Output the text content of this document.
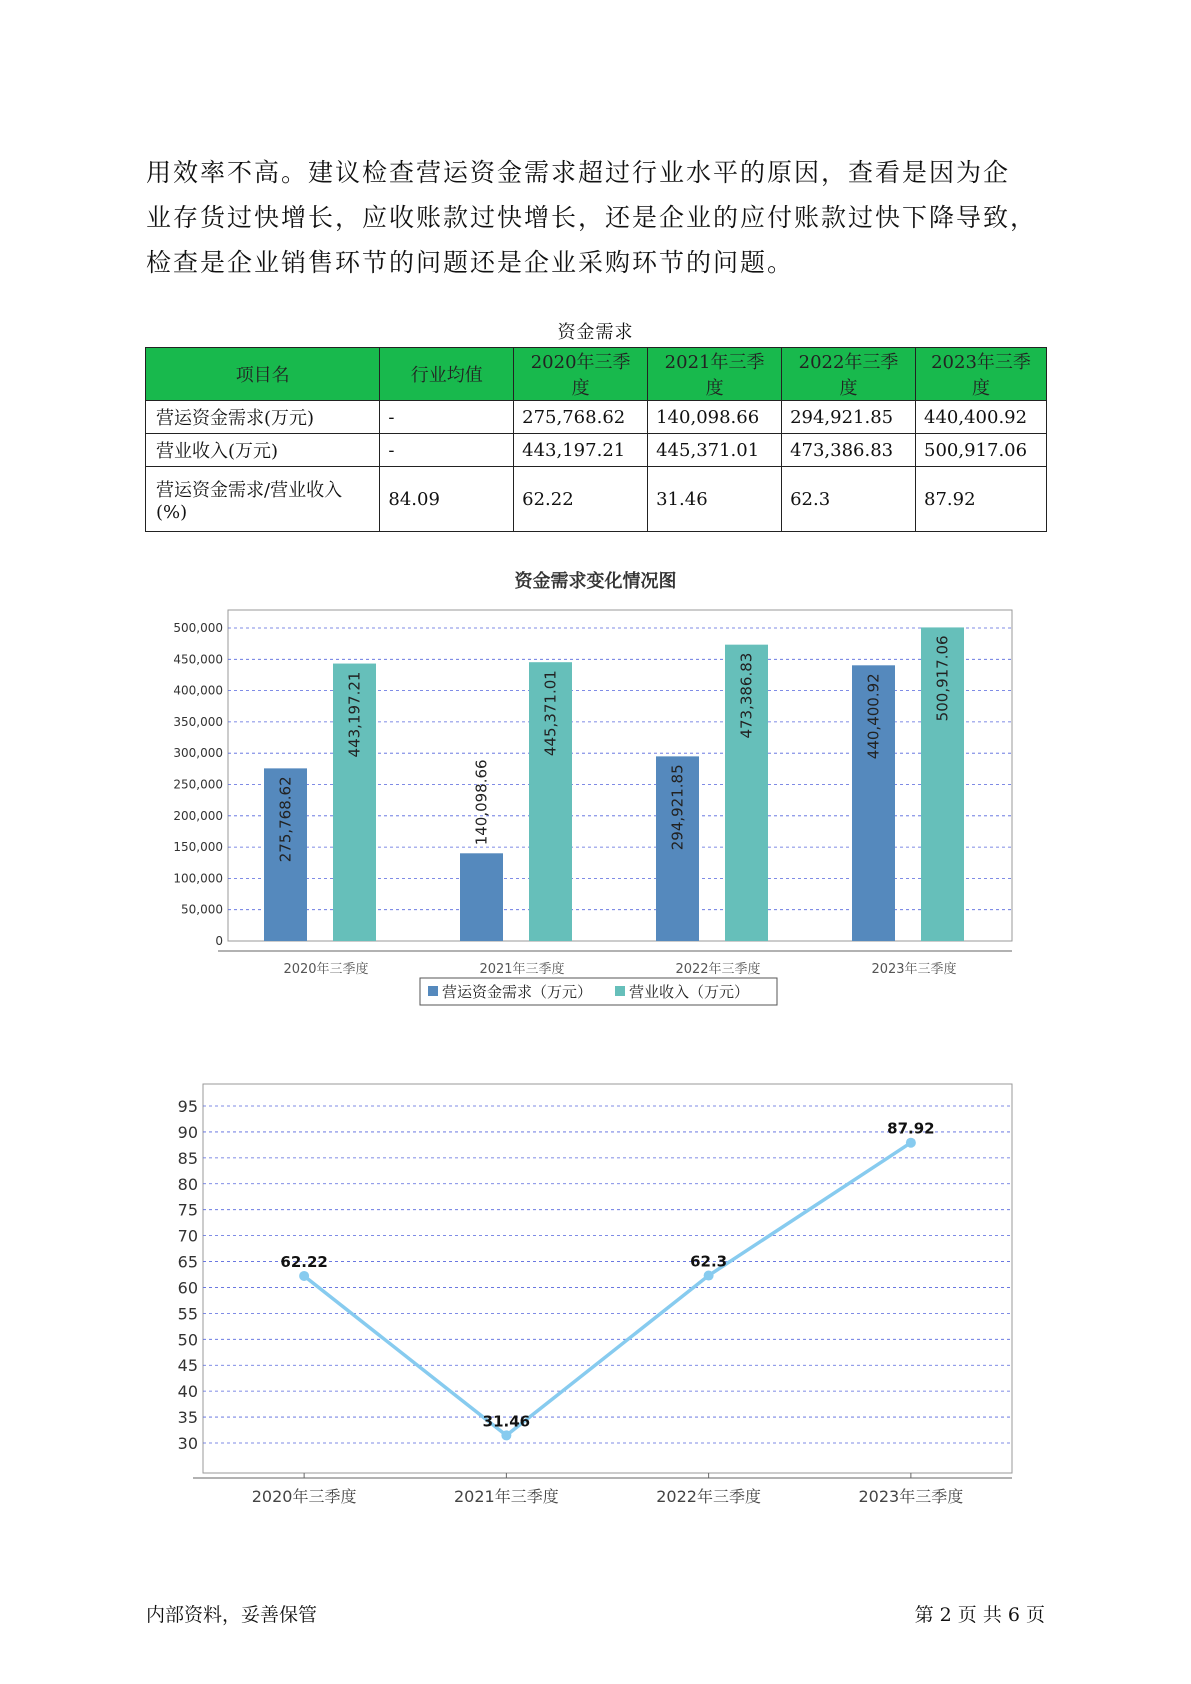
用效率不高。建议检查营运资金需求超过行业水平的原因，查看是因为企

业存货过快增长，应收账款过快增长，还是企业的应付账款过快下降导致，

检查是企业销售环节的问题还是企业采购环节的问题。

资金需求
项目名	行业均值	2020年三季度	2021年三季度	2022年三季度	2023年三季度
营运资金需求(万元)	-	275,768.62	140,098.66	294,921.85	440,400.92
营业收入(万元)	-	443,197.21	445,371.01	473,386.83	500,917.06
营运资金需求/营业收入(%)	84.09	62.22	31.46	62.3	87.92
资金需求变化情况图
0
50,000
100,000
150,000
200,000
250,000
300,000
350,000
400,000
450,000
500,000
2020年三季度
275,768.62
443,197.21
2021年三季度
140,098.66
445,371.01
2022年三季度
294,921.85
473,386.83
2023年三季度
440,400.92	500,917.06
营运资金需求（万元） 营业收入（万元）
30
35
40
45
50
55
60
65
70
75
80
85
90
95
2020年三季度	2021年三季度	2022年三季度	2023年三季度
62.22
31.46
62.3
87.92
内部资料，妥善保管	第 2 页 共 6 页
